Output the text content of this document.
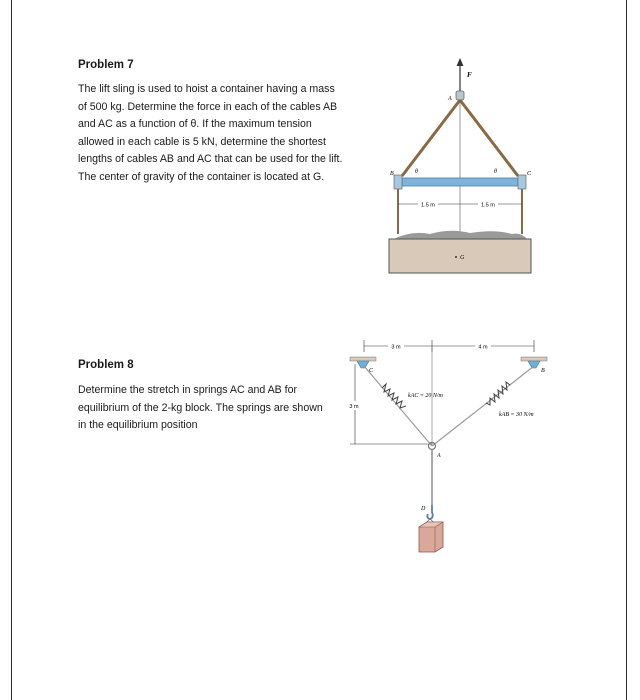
Problem 7

The lift sling is used to hoist a container having a mass of 500 kg. Determine the force in each of the cables AB and AC as a function of θ. If the maximum tension allowed in each cable is 5 kN, determine the shortest lengths of cables AB and AC that can be used for the lift. The center of gravity of the container is located at G.

Problem 8

Determine the stretch in springs AC and AB for equilibrium of the 2-kg block. The springs are shown in the equilibrium position

F
A
B	C
θ	θ
1.5 m	1.5 m
G
3 m	4 m
C	B
3 m
kAC = 20 N/m
kAB = 30 N/m
A
D
